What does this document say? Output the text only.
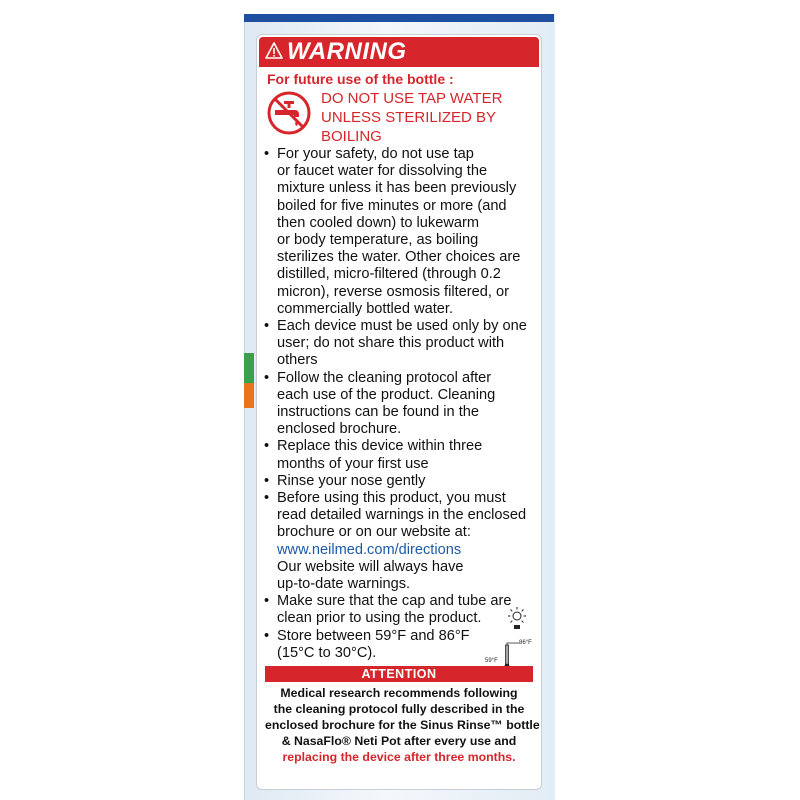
WARNING
For future use of the bottle :
DO NOT USE TAP WATER
UNLESS STERILIZED BY
BOILING
• For your safety, do not use tap
or faucet water for dissolving the
mixture unless it has been previously
boiled for five minutes or more (and
then cooled down) to lukewarm
or body temperature, as boiling
sterilizes the water. Other choices are
distilled, micro-filtered (through 0.2
micron), reverse osmosis filtered, or
commercially bottled water.
• Each device must be used only by one
user; do not share this product with
others
• Follow the cleaning protocol after
each use of the product. Cleaning
instructions can be found in the
enclosed brochure.
• Replace this device within three
months of your first use
• Rinse your nose gently
• Before using this product, you must
read detailed warnings in the enclosed
brochure or on our website at:
www.neilmed.com/directions
Our website will always have
up-to-date warnings.
• Make sure that the cap and tube are
clean prior to using the product.
• Store between 59°F and 86°F
(15°C to 30°C).
86°F
59°F
ATTENTION
Medical research recommends following
the cleaning protocol fully described in the
enclosed brochure for the Sinus Rinse™ bottle
& NasaFlo® Neti Pot after every use and
replacing the device after three months.
